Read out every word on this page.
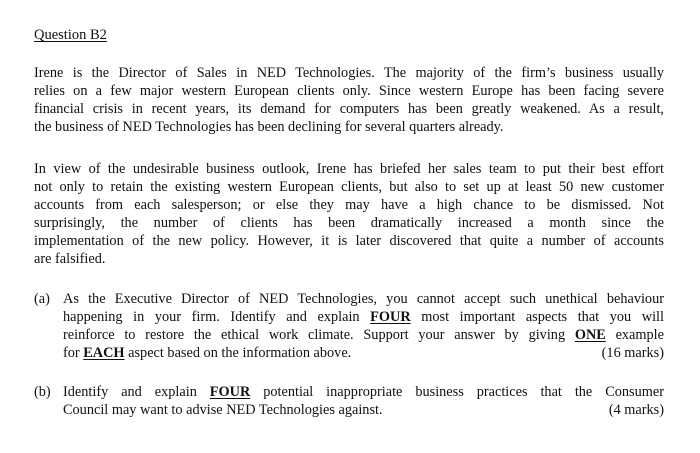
Question B2
Irene is the Director of Sales in NED Technologies. The majority of the firm’s business usually
relies on a few major western European clients only. Since western Europe has been facing severe
financial crisis in recent years, its demand for computers has been greatly weakened. As a result,
the business of NED Technologies has been declining for several quarters already.
In view of the undesirable business outlook, Irene has briefed her sales team to put their best effort
not only to retain the existing western European clients, but also to set up at least 50 new customer
accounts from each salesperson; or else they may have a high chance to be dismissed. Not
surprisingly, the number of clients has been dramatically increased a month since the
implementation of the new policy. However, it is later discovered that quite a number of accounts
are falsified.
(a) As the Executive Director of NED Technologies, you cannot accept such unethical behaviour
happening in your firm. Identify and explain FOUR most important aspects that you will
reinforce to restore the ethical work climate. Support your answer by giving ONE example
for EACH aspect based on the information above.	(16 marks)
(b) Identify and explain FOUR potential inappropriate business practices that the Consumer
Council may want to advise NED Technologies against.	(4 marks)
